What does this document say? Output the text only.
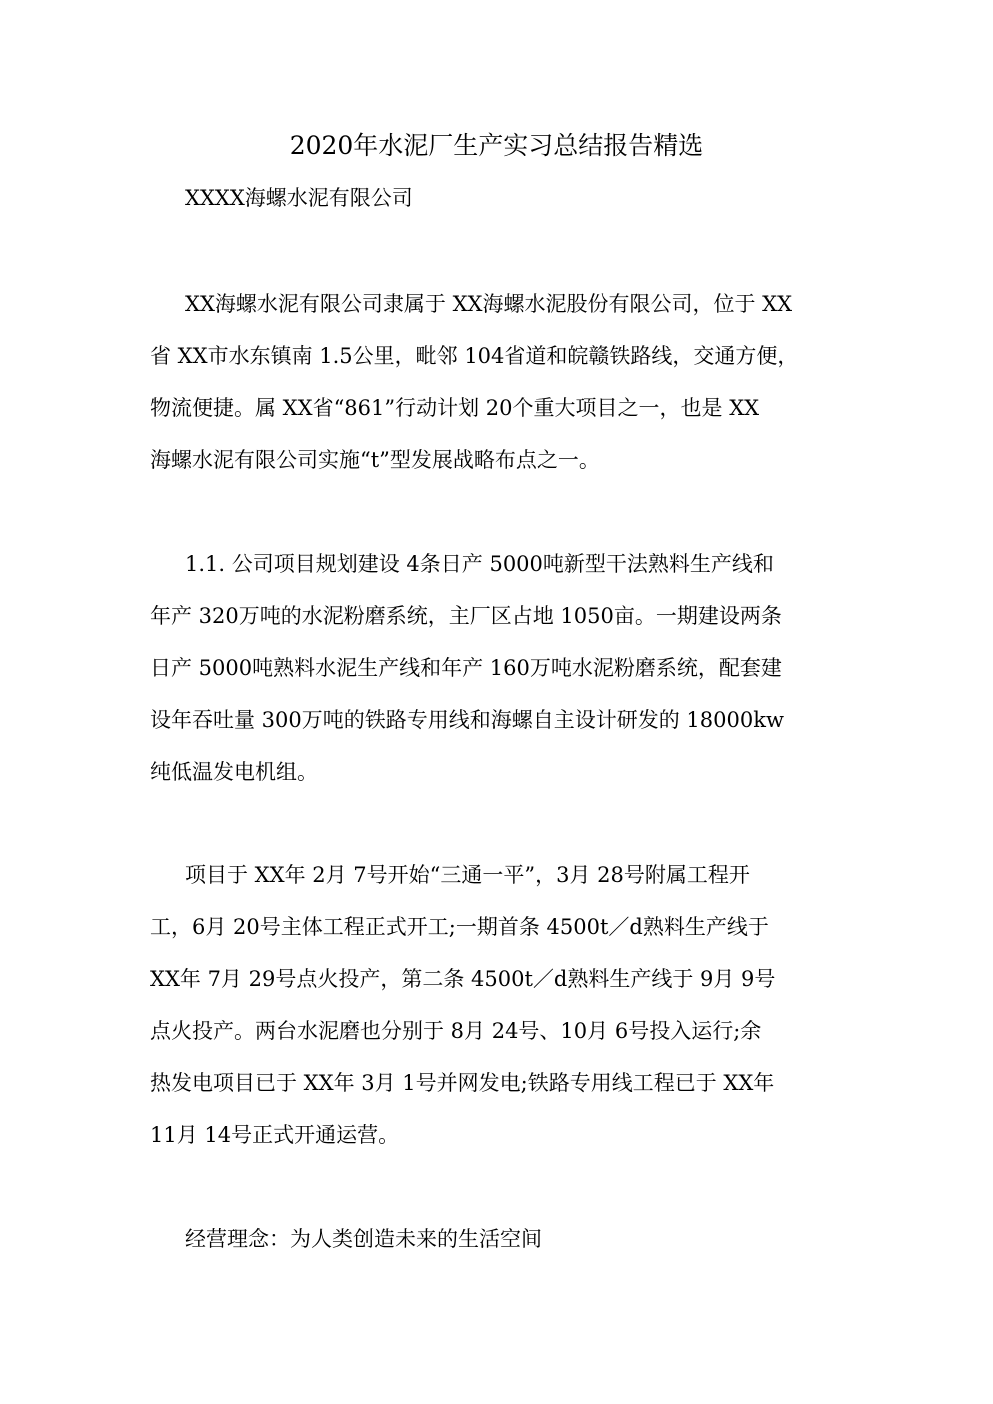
2020年水泥厂生产实习总结报告精选

XXXX海螺水泥有限公司

XX海螺水泥有限公司隶属于 XX海螺水泥股份有限公司，位于 XX

省 XX市水东镇南 1.5公里，毗邻 104省道和皖赣铁路线，交通方便，

物流便捷。属 XX省“861”行动计划 20个重大项目之一，也是 XX

海螺水泥有限公司实施“t”型发展战略布点之一。

1.1. 公司项目规划建设 4条日产 5000吨新型干法熟料生产线和

年产 320万吨的水泥粉磨系统，主厂区占地 1050亩。一期建设两条

日产 5000吨熟料水泥生产线和年产 160万吨水泥粉磨系统，配套建

设年吞吐量 300万吨的铁路专用线和海螺自主设计研发的 18000kw

纯低温发电机组。

项目于 XX年 2月 7号开始“三通一平”，3月 28号附属工程开

工，6月 20号主体工程正式开工;一期首条 4500t／d熟料生产线于

XX年 7月 29号点火投产，第二条 4500t／d熟料生产线于 9月 9号

点火投产。两台水泥磨也分别于 8月 24号、10月 6号投入运行;余

热发电项目已于 XX年 3月 1号并网发电;铁路专用线工程已于 XX年

11月 14号正式开通运营。

经营理念：为人类创造未来的生活空间
